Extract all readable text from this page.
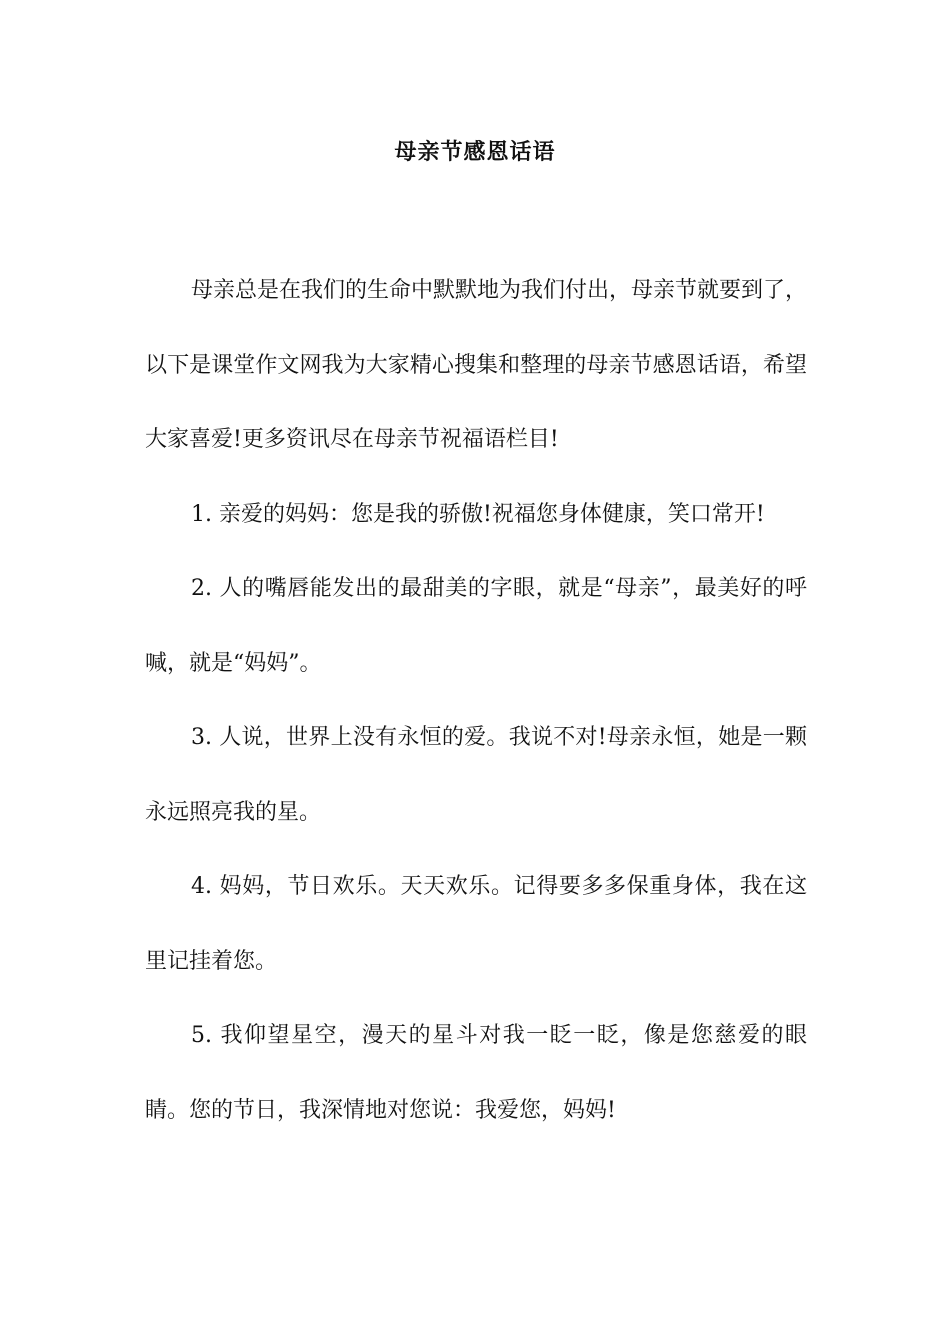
母亲节感恩话语

母亲总是在我们的生命中默默地为我们付出，母亲节就要到了，以下是课堂作文网我为大家精心搜集和整理的母亲节感恩话语，希望大家喜爱!更多资讯尽在母亲节祝福语栏目!

1. 亲爱的妈妈：您是我的骄傲!祝福您身体健康，笑口常开!

2. 人的嘴唇能发出的最甜美的字眼，就是“母亲”，最美好的呼喊，就是“妈妈”。

3. 人说，世界上没有永恒的爱。我说不对!母亲永恒，她是一颗永远照亮我的星。

4. 妈妈，节日欢乐。天天欢乐。记得要多多保重身体，我在这里记挂着您。

5. 我仰望星空，漫天的星斗对我一眨一眨，像是您慈爱的眼睛。您的节日，我深情地对您说：我爱您，妈妈!
